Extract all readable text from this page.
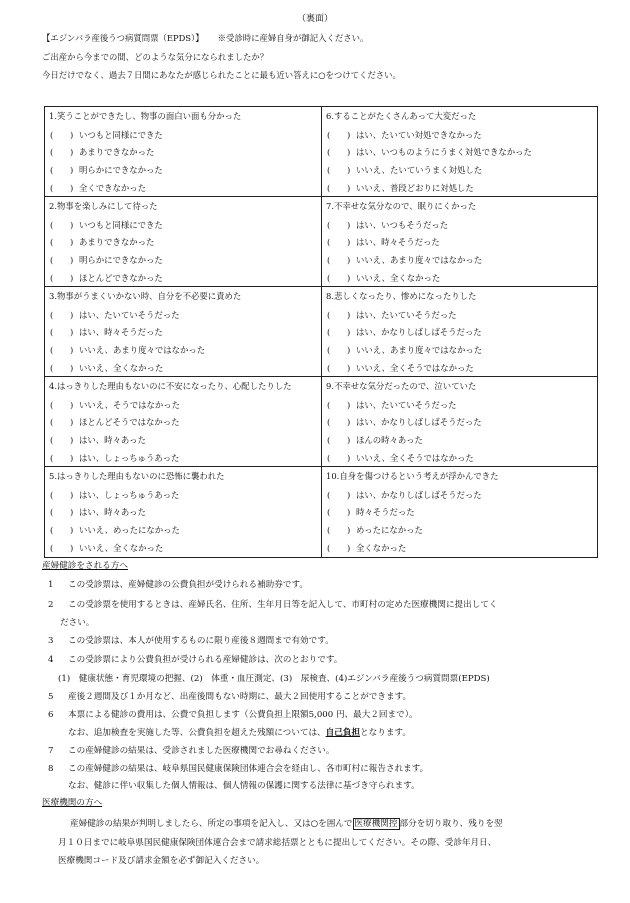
（裏面）
【エジンバラ産後うつ病質問票（EPDS）】 ※受診時に産婦自身が御記入ください。
ご出産から今までの間、どのような気分になられましたか？
今日だけでなく、過去７日間にあなたが感じられたことに最も近い答えに○をつけてください。
1.笑うことができたし、物事の面白い面も分かった
( ) いつもと同様にできた
( ) あまりできなかった
( ) 明らかにできなかった
( ) 全くできなかった
6.することがたくさんあって大変だった
( ) はい、たいてい対処できなかった
( ) はい、いつものようにうまく対処できなかった
( ) いいえ、たいていうまく対処した
( ) いいえ、普段どおりに対処した
2.物事を楽しみにして待った
( ) いつもと同様にできた
( ) あまりできなかった
( ) 明らかにできなかった
( ) ほとんどできなかった
7.不幸せな気分なので、眠りにくかった
( ) はい、いつもそうだった
( ) はい、時々そうだった
( ) いいえ、あまり度々ではなかった
( ) いいえ、全くなかった
3.物事がうまくいかない時、自分を不必要に責めた
( ) はい、たいていそうだった
( ) はい、時々そうだった
( ) いいえ、あまり度々ではなかった
( ) いいえ、全くなかった
8.悲しくなったり、惨めになったりした
( ) はい、たいていそうだった
( ) はい、かなりしばしばそうだった
( ) いいえ、あまり度々ではなかった
( ) いいえ、全くそうではなかった
4.はっきりした理由もないのに不安になったり、心配したりした
( ) いいえ、そうではなかった
( ) ほとんどそうではなかった
( ) はい、時々あった
( ) はい、しょっちゅうあった
9.不幸せな気分だったので、泣いていた
( ) はい、たいていそうだった
( ) はい、かなりしばしばそうだった
( ) ほんの時々あった
( ) いいえ、全くそうではなかった
5.はっきりした理由もないのに恐怖に襲われた
( ) はい、しょっちゅうあった
( ) はい、時々あった
( ) いいえ、めったになかった
( ) いいえ、全くなかった
10.自身を傷つけるという考えが浮かんできた
( ) はい、かなりしばしばそうだった
( ) 時々そうだった
( ) めったになかった
( ) 全くなかった
産婦健診をされる方へ
1	この受診票は、産婦健診の公費負担が受けられる補助券です。
2	この受診票を使用するときは、産婦氏名、住所、生年月日等を記入して、市町村の定めた医療機関に提出してく
ださい。
3	この受診票は、本人が使用するものに限り産後８週間まで有効です。
4	この受診票により公費負担が受けられる産婦健診は、次のとおりです。
(1)　健康状態・育児環境の把握、(2)　体重・血圧測定、(3)　尿検査、(4)エジンバラ産後うつ病質問票(EPDS)
5	産後２週間及び１か月など、出産後間もない時期に、最大２回使用することができます。
6	本票による健診の費用は、公費で負担します（公費負担上限額5,000 円、最大２回まで）。
なお、追加検査を実施した等、公費負担を超えた残額については、自己負担となります。
7	この産婦健診の結果は、受診されました医療機関でお尋ねください。
8	この産婦健診の結果は、岐阜県国民健康保険団体連合会を経由し、各市町村に報告されます。
なお、健診に伴い収集した個人情報は、個人情報の保護に関する法律に基づき守られます。
医療機関の方へ
産婦健診の結果が判明しましたら、所定の事項を記入し、又は○を囲んで 医療機関控 部分を切り取り、残りを翌
月１０日までに岐阜県国民健康保険団体連合会まで請求総括票とともに提出してください。その際、受診年月日、
医療機関コード及び請求金額を必ず御記入ください。
